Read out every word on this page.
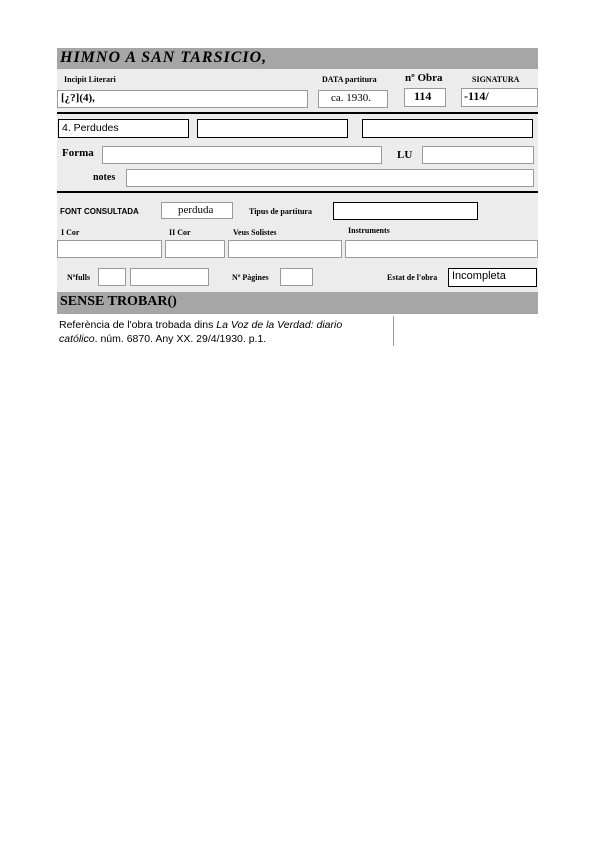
HIMNO A SAN TARSICIO,
Incipit Literari	DATA partitura	nº Obra	SIGNATURA
[¿?](4),	ca. 1930.	114	-114/
4. Perdudes
Forma	LU
notes
FONT CONSULTADA	perduda	Tipus de partitura
I Cor	II Cor	Veus Solistes	Instruments
Nºfulls	Nº Pàgines	Estat de l'obra	Incompleta
SENSE TROBAR()
Referència de l'obra trobada dins La Voz de la Verdad: diario católico. núm. 6870. Any XX. 29/4/1930. p.1.
